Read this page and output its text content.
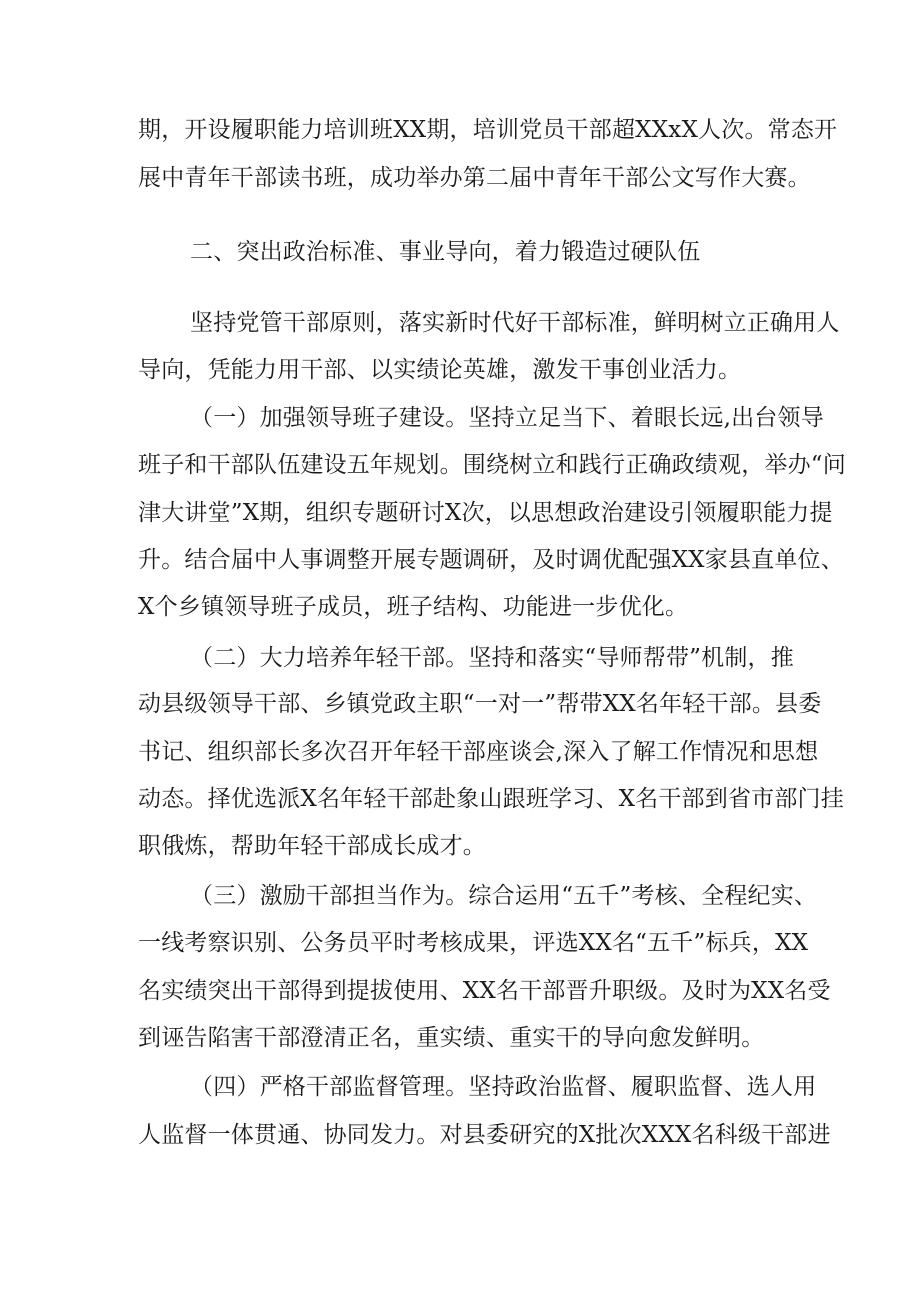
期，开设履职能力培训班XX期，培训党员干部超XXxX人次。常态开
展中青年干部读书班，成功举办第二届中青年干部公文写作大赛。
二、突出政治标准、事业导向，着力锻造过硬队伍
坚持党管干部原则，落实新时代好干部标准，鲜明树立正确用人
导向，凭能力用干部、以实绩论英雄，激发干事创业活力。
（一）加强领导班子建设。坚持立足当下、着眼长远,出台领导
班子和干部队伍建设五年规划。围绕树立和践行正确政绩观，举办“问
津大讲堂”X期，组织专题研讨X次，以思想政治建设引领履职能力提
升。结合届中人事调整开展专题调研，及时调优配强XX家县直单位、
X个乡镇领导班子成员，班子结构、功能进一步优化。
（二）大力培养年轻干部。坚持和落实“导师帮带”机制，推
动县级领导干部、乡镇党政主职“一对一”帮带XX名年轻干部。县委
书记、组织部长多次召开年轻干部座谈会,深入了解工作情况和思想
动态。择优选派X名年轻干部赴象山跟班学习、X名干部到省市部门挂
职俄炼，帮助年轻干部成长成才。
（三）激励干部担当作为。综合运用“五千”考核、全程纪实、
一线考察识别、公务员平时考核成果，评选XX名“五千”标兵，XX
名实绩突出干部得到提拔使用、XX名干部晋升职级。及时为XX名受
到诬告陷害干部澄清正名，重实绩、重实干的导向愈发鲜明。
（四）严格干部监督管理。坚持政治监督、履职监督、选人用
人监督一体贯通、协同发力。对县委研究的X批次XXX名科级干部进
